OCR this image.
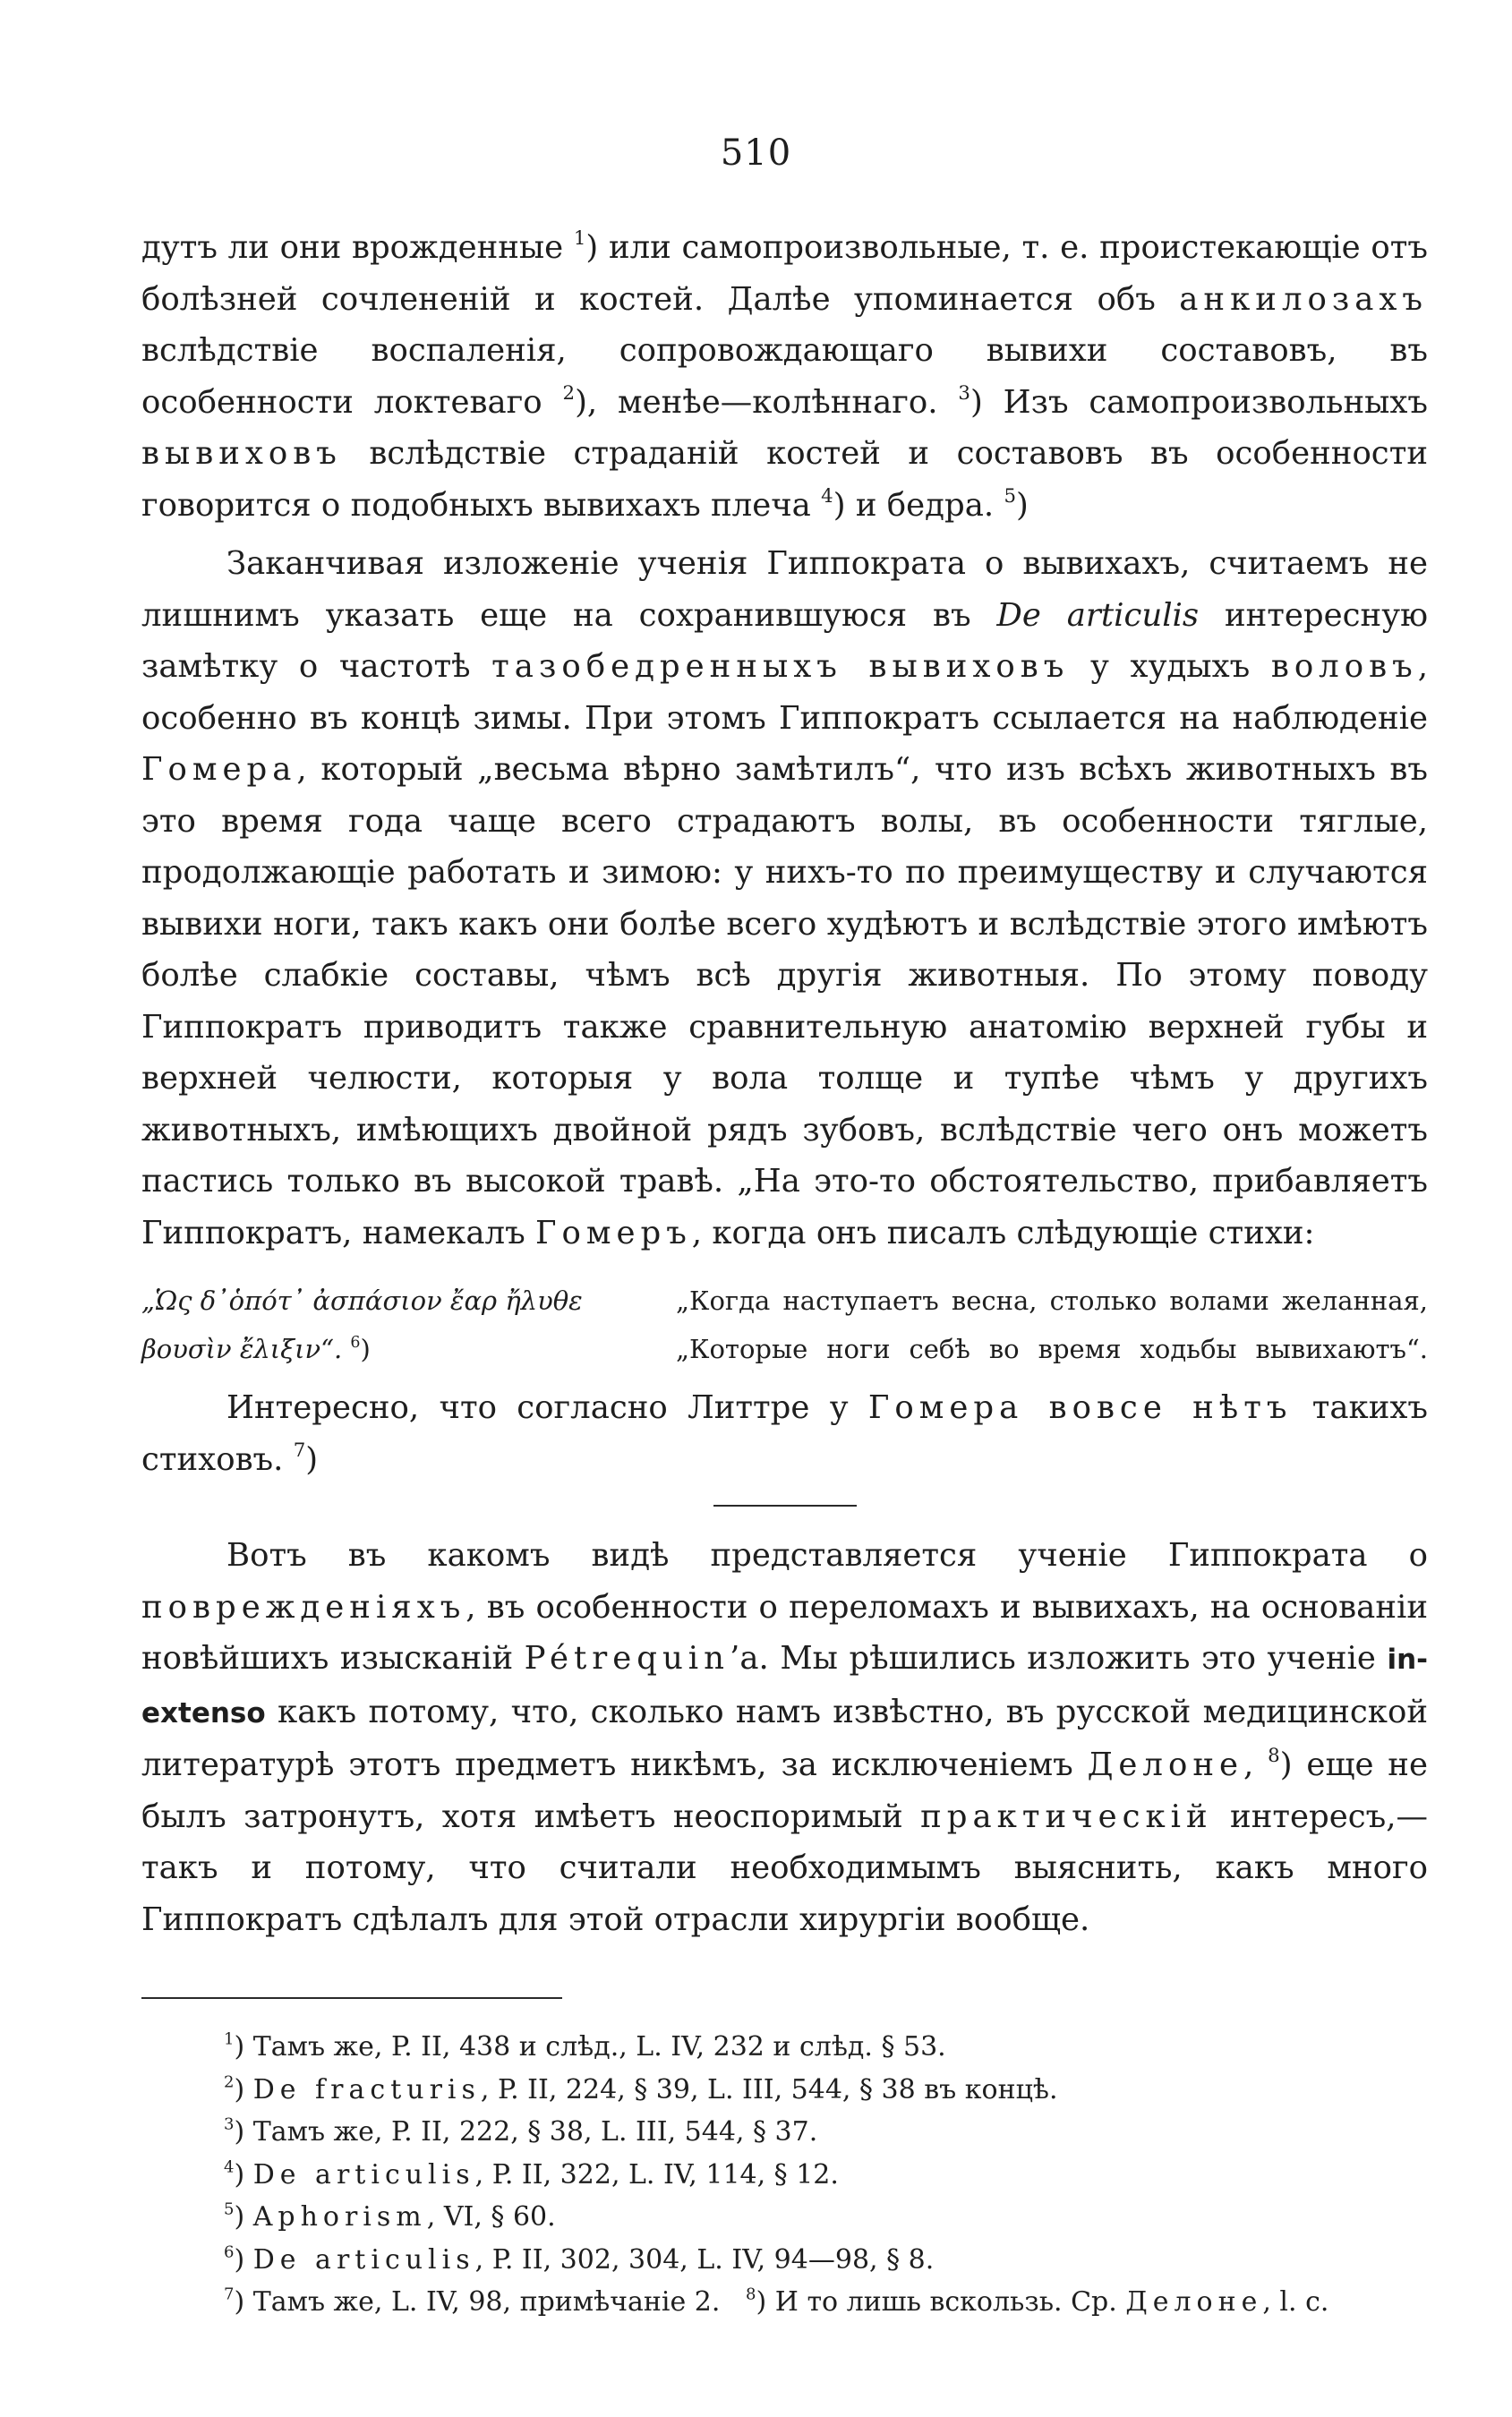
510

дутъ ли они врожденные $^1$) или самопроизвольные, т. е. проистекающіе отъ болѣзней сочлененій и костей. Далѣе упоминается объ анкилозахъ вслѣдствіе воспаленія, сопровождающаго вывихи составовъ, въ особенности локтеваго $^2$), менѣе—колѣннаго. $^3$) Изъ самопроизвольныхъ вывиховъ вслѣдствіе страданій костей и составовъ въ особенности говорится о подобныхъ вывихахъ плеча $^4$) и бедра. $^5$)

Заканчивая изложеніе ученія Гиппократа о вывихахъ, считаемъ не лишнимъ указать еще на сохранившуюся въ De articulis интересную замѣтку о частотѣ тазобедренныхъ вывиховъ у худыхъ воловъ, особенно въ концѣ зимы. При этомъ Гиппократъ ссылается на наблюденіе Гомера, который „весьма вѣрно замѣтилъ“, что изъ всѣхъ животныхъ въ это время года чаще всего страдаютъ волы, въ особенности тяглые, продолжающіе работать и зимою: у нихъ-то по преимуществу и случаются вывихи ноги, такъ какъ они болѣе всего худѣютъ и вслѣдствіе этого имѣютъ болѣе слабкіе составы, чѣмъ всѣ другія животныя. По этому поводу Гиппократъ приводитъ также сравнительную анатомію верхней губы и верхней челюсти, которыя у вола толще и тупѣе чѣмъ у другихъ животныхъ, имѣющихъ двойной рядъ зубовъ, вслѣдствіе чего онъ можетъ пастись только въ высокой травѣ. „На это-то обстоятельство, прибавляетъ Гиппократъ, намекалъ Гомеръ, когда онъ писалъ слѣдующіе стихи:

„Ὡς δ᾽ὁπότ᾽ ἀσπάσιον ἔαρ ἤλυθε
βουσὶν ἔλιξιν“. $^6$)
„Когда наступаетъ весна, столько волами желанная,
„Которые ноги себѣ во время ходьбы вывихаютъ“.

Интересно, что согласно Литтре у Гомера вовсе нѣтъ такихъ стиховъ. $^7$)

Вотъ въ какомъ видѣ представляется ученіе Гиппократа о поврежденіяхъ, въ особенности о переломахъ и вывихахъ, на основаніи новѣйшихъ изысканій Pétrequin’а. Мы рѣшились изложить это ученіе in-extenso какъ потому, что, сколько намъ извѣстно, въ русской медицинской литературѣ этотъ предметъ никѣмъ, за исключеніемъ Делоне, $^8$) еще не былъ затронутъ, хотя имѣетъ неоспоримый практическій интересъ,—такъ и потому, что считали необходимымъ выяснить, какъ много Гиппократъ сдѣлалъ для этой отрасли хирургіи вообще.

$^1$) Тамъ же, P. II, 438 и слѣд., L. IV, 232 и слѣд. § 53.
$^2$) De fracturis, P. II, 224, § 39, L. III, 544, § 38 въ концѣ.
$^3$) Тамъ же, P. II, 222, § 38, L. III, 544, § 37.
$^4$) De articulis, P. II, 322, L. IV, 114, § 12.
$^5$) Aphorism, VI, § 60.
$^6$) De articulis, P. II, 302, 304, L. IV, 94—98, § 8.
$^7$) Тамъ же, L. IV, 98, примѣчаніе 2.   $^8$) И то лишь вскользь. Ср. Делоне, l. c.
